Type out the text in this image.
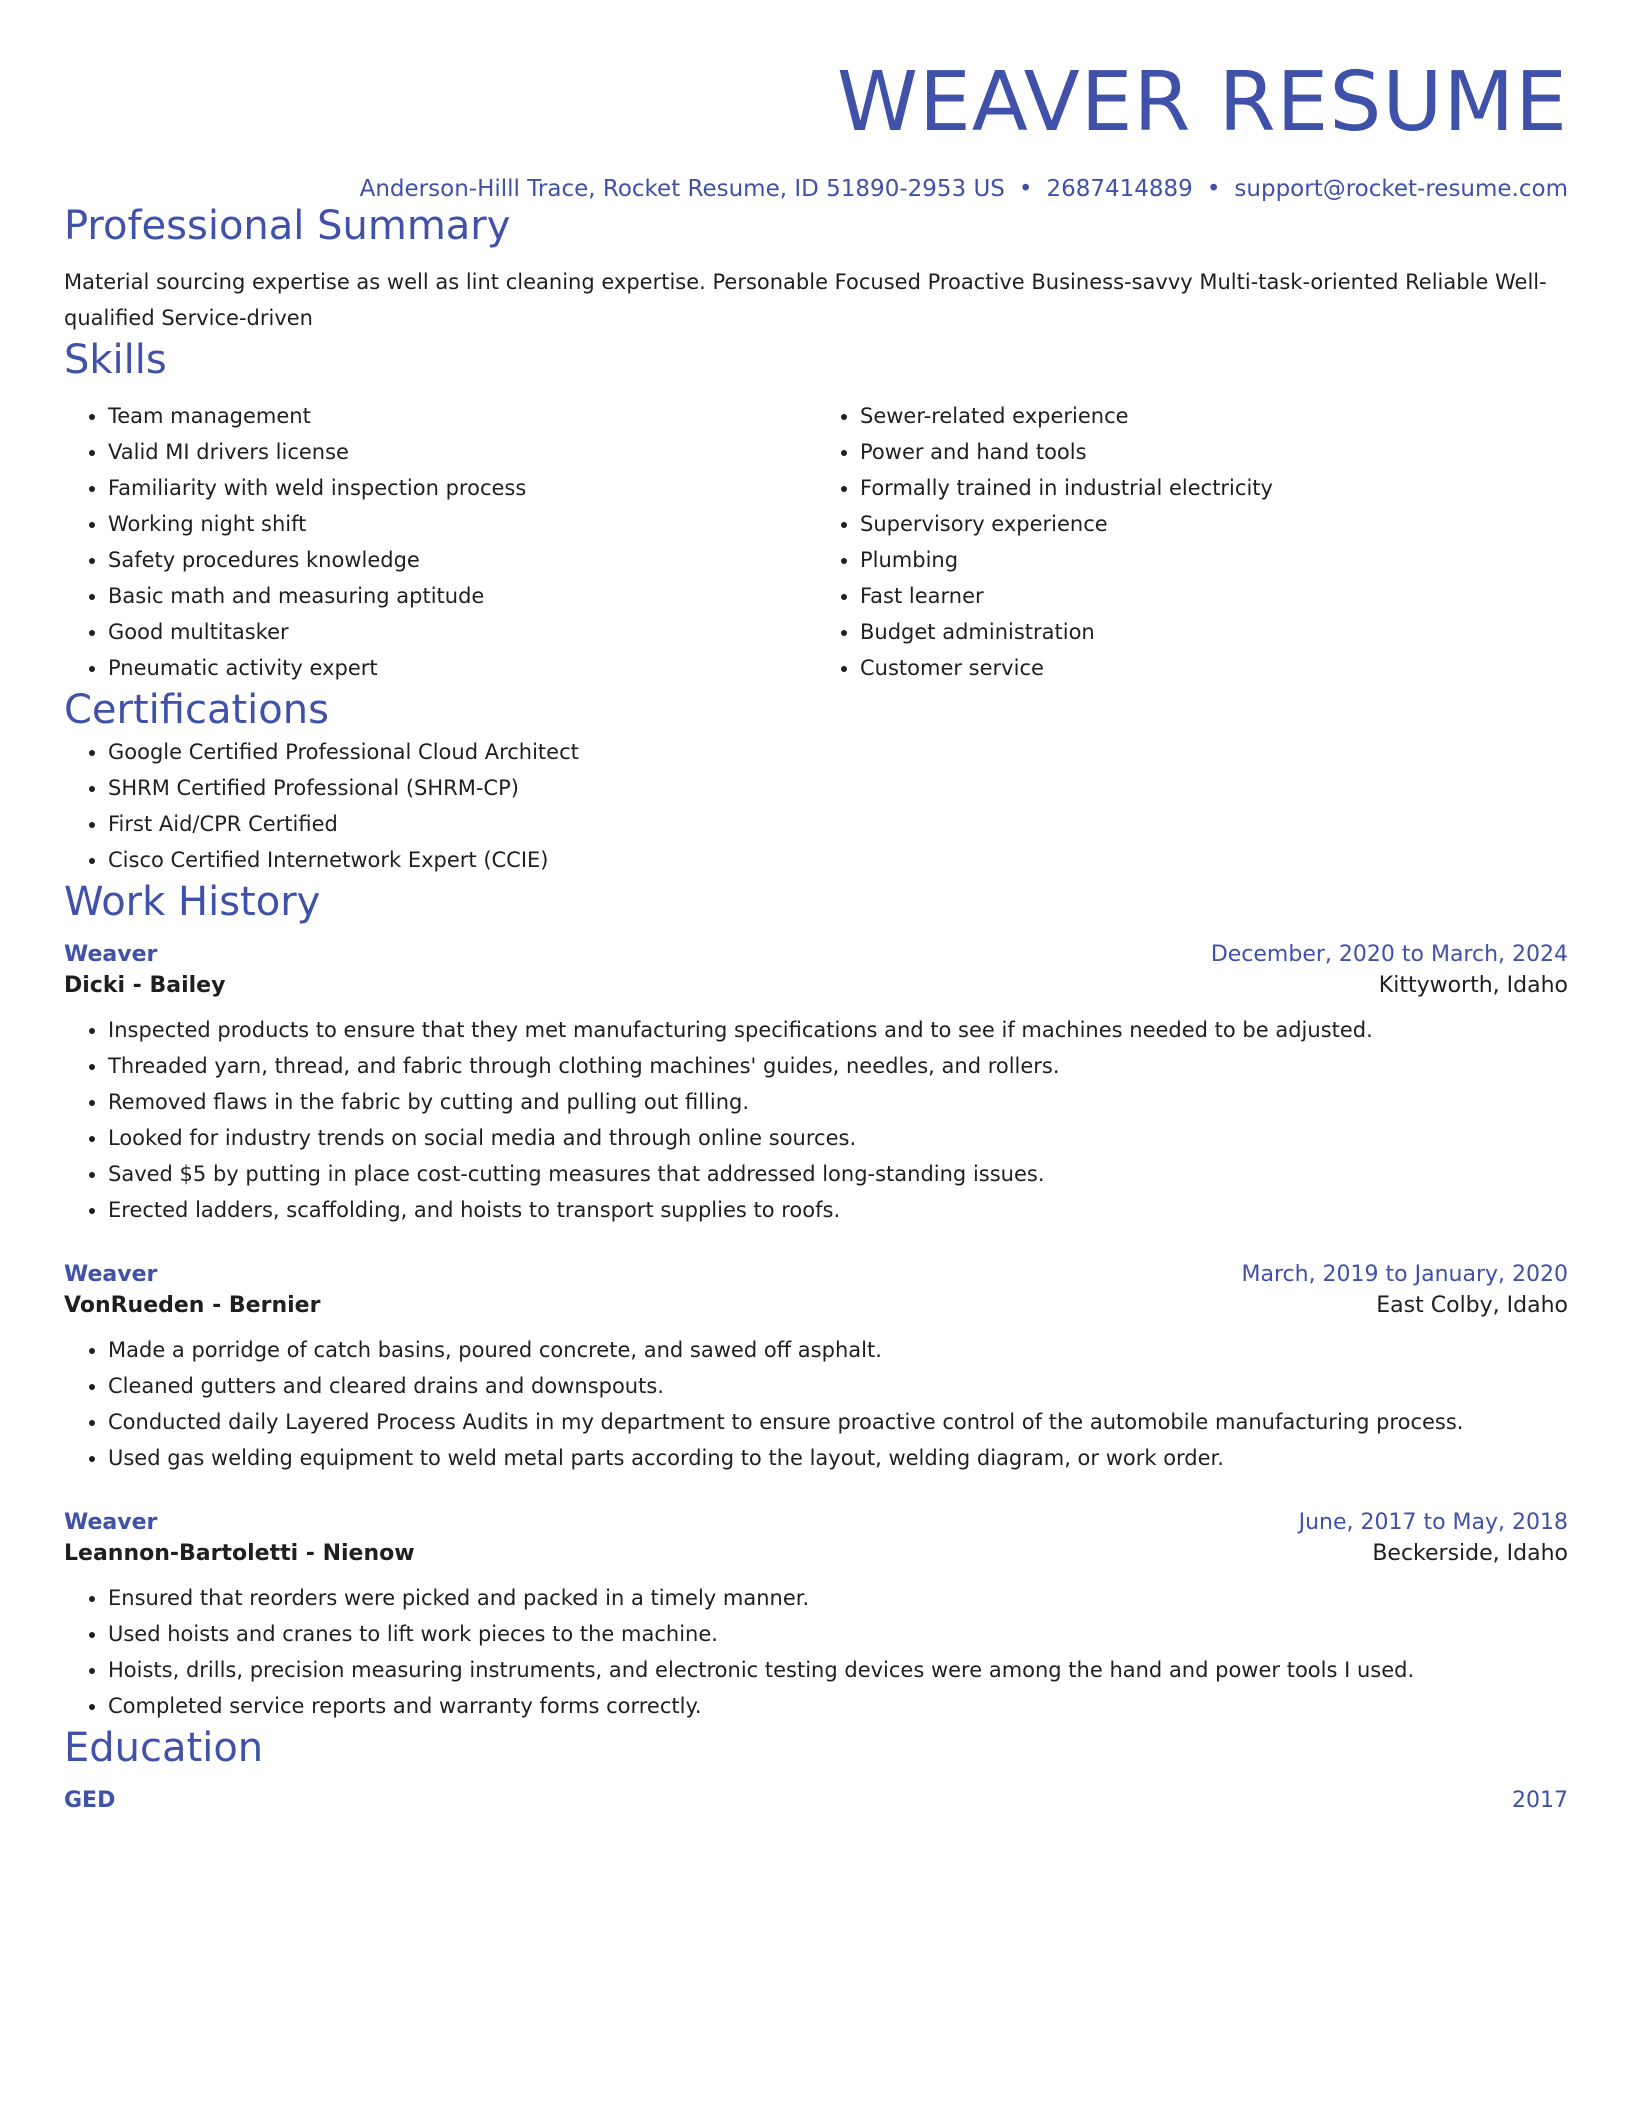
WEAVER RESUME
Anderson-Hilll Trace, Rocket Resume, ID 51890-2953 US • 2687414889 • support@rocket-resume.com
Professional Summary
Material sourcing expertise as well as lint cleaning expertise. Personable Focused Proactive Business-savvy Multi-task-oriented Reliable Well-qualified Service-driven
Skills
• Team management
• Valid MI drivers license
• Familiarity with weld inspection process
• Working night shift
• Safety procedures knowledge
• Basic math and measuring aptitude
• Good multitasker
• Pneumatic activity expert
• Sewer-related experience
• Power and hand tools
• Formally trained in industrial electricity
• Supervisory experience
• Plumbing
• Fast learner
• Budget administration
• Customer service
Certifications
• Google Certified Professional Cloud Architect
• SHRM Certified Professional (SHRM-CP)
• First Aid/CPR Certified
• Cisco Certified Internetwork Expert (CCIE)
Work History
Weaver	December, 2020 to March, 2024
Dicki - Bailey	Kittyworth, Idaho
• Inspected products to ensure that they met manufacturing specifications and to see if machines needed to be adjusted.
• Threaded yarn, thread, and fabric through clothing machines' guides, needles, and rollers.
• Removed flaws in the fabric by cutting and pulling out filling.
• Looked for industry trends on social media and through online sources.
• Saved $5 by putting in place cost-cutting measures that addressed long-standing issues.
• Erected ladders, scaffolding, and hoists to transport supplies to roofs.
Weaver	March, 2019 to January, 2020
VonRueden - Bernier	East Colby, Idaho
• Made a porridge of catch basins, poured concrete, and sawed off asphalt.
• Cleaned gutters and cleared drains and downspouts.
• Conducted daily Layered Process Audits in my department to ensure proactive control of the automobile manufacturing process.
• Used gas welding equipment to weld metal parts according to the layout, welding diagram, or work order.
Weaver	June, 2017 to May, 2018
Leannon-Bartoletti - Nienow	Beckerside, Idaho
• Ensured that reorders were picked and packed in a timely manner.
• Used hoists and cranes to lift work pieces to the machine.
• Hoists, drills, precision measuring instruments, and electronic testing devices were among the hand and power tools I used.
• Completed service reports and warranty forms correctly.
Education
GED	2017
